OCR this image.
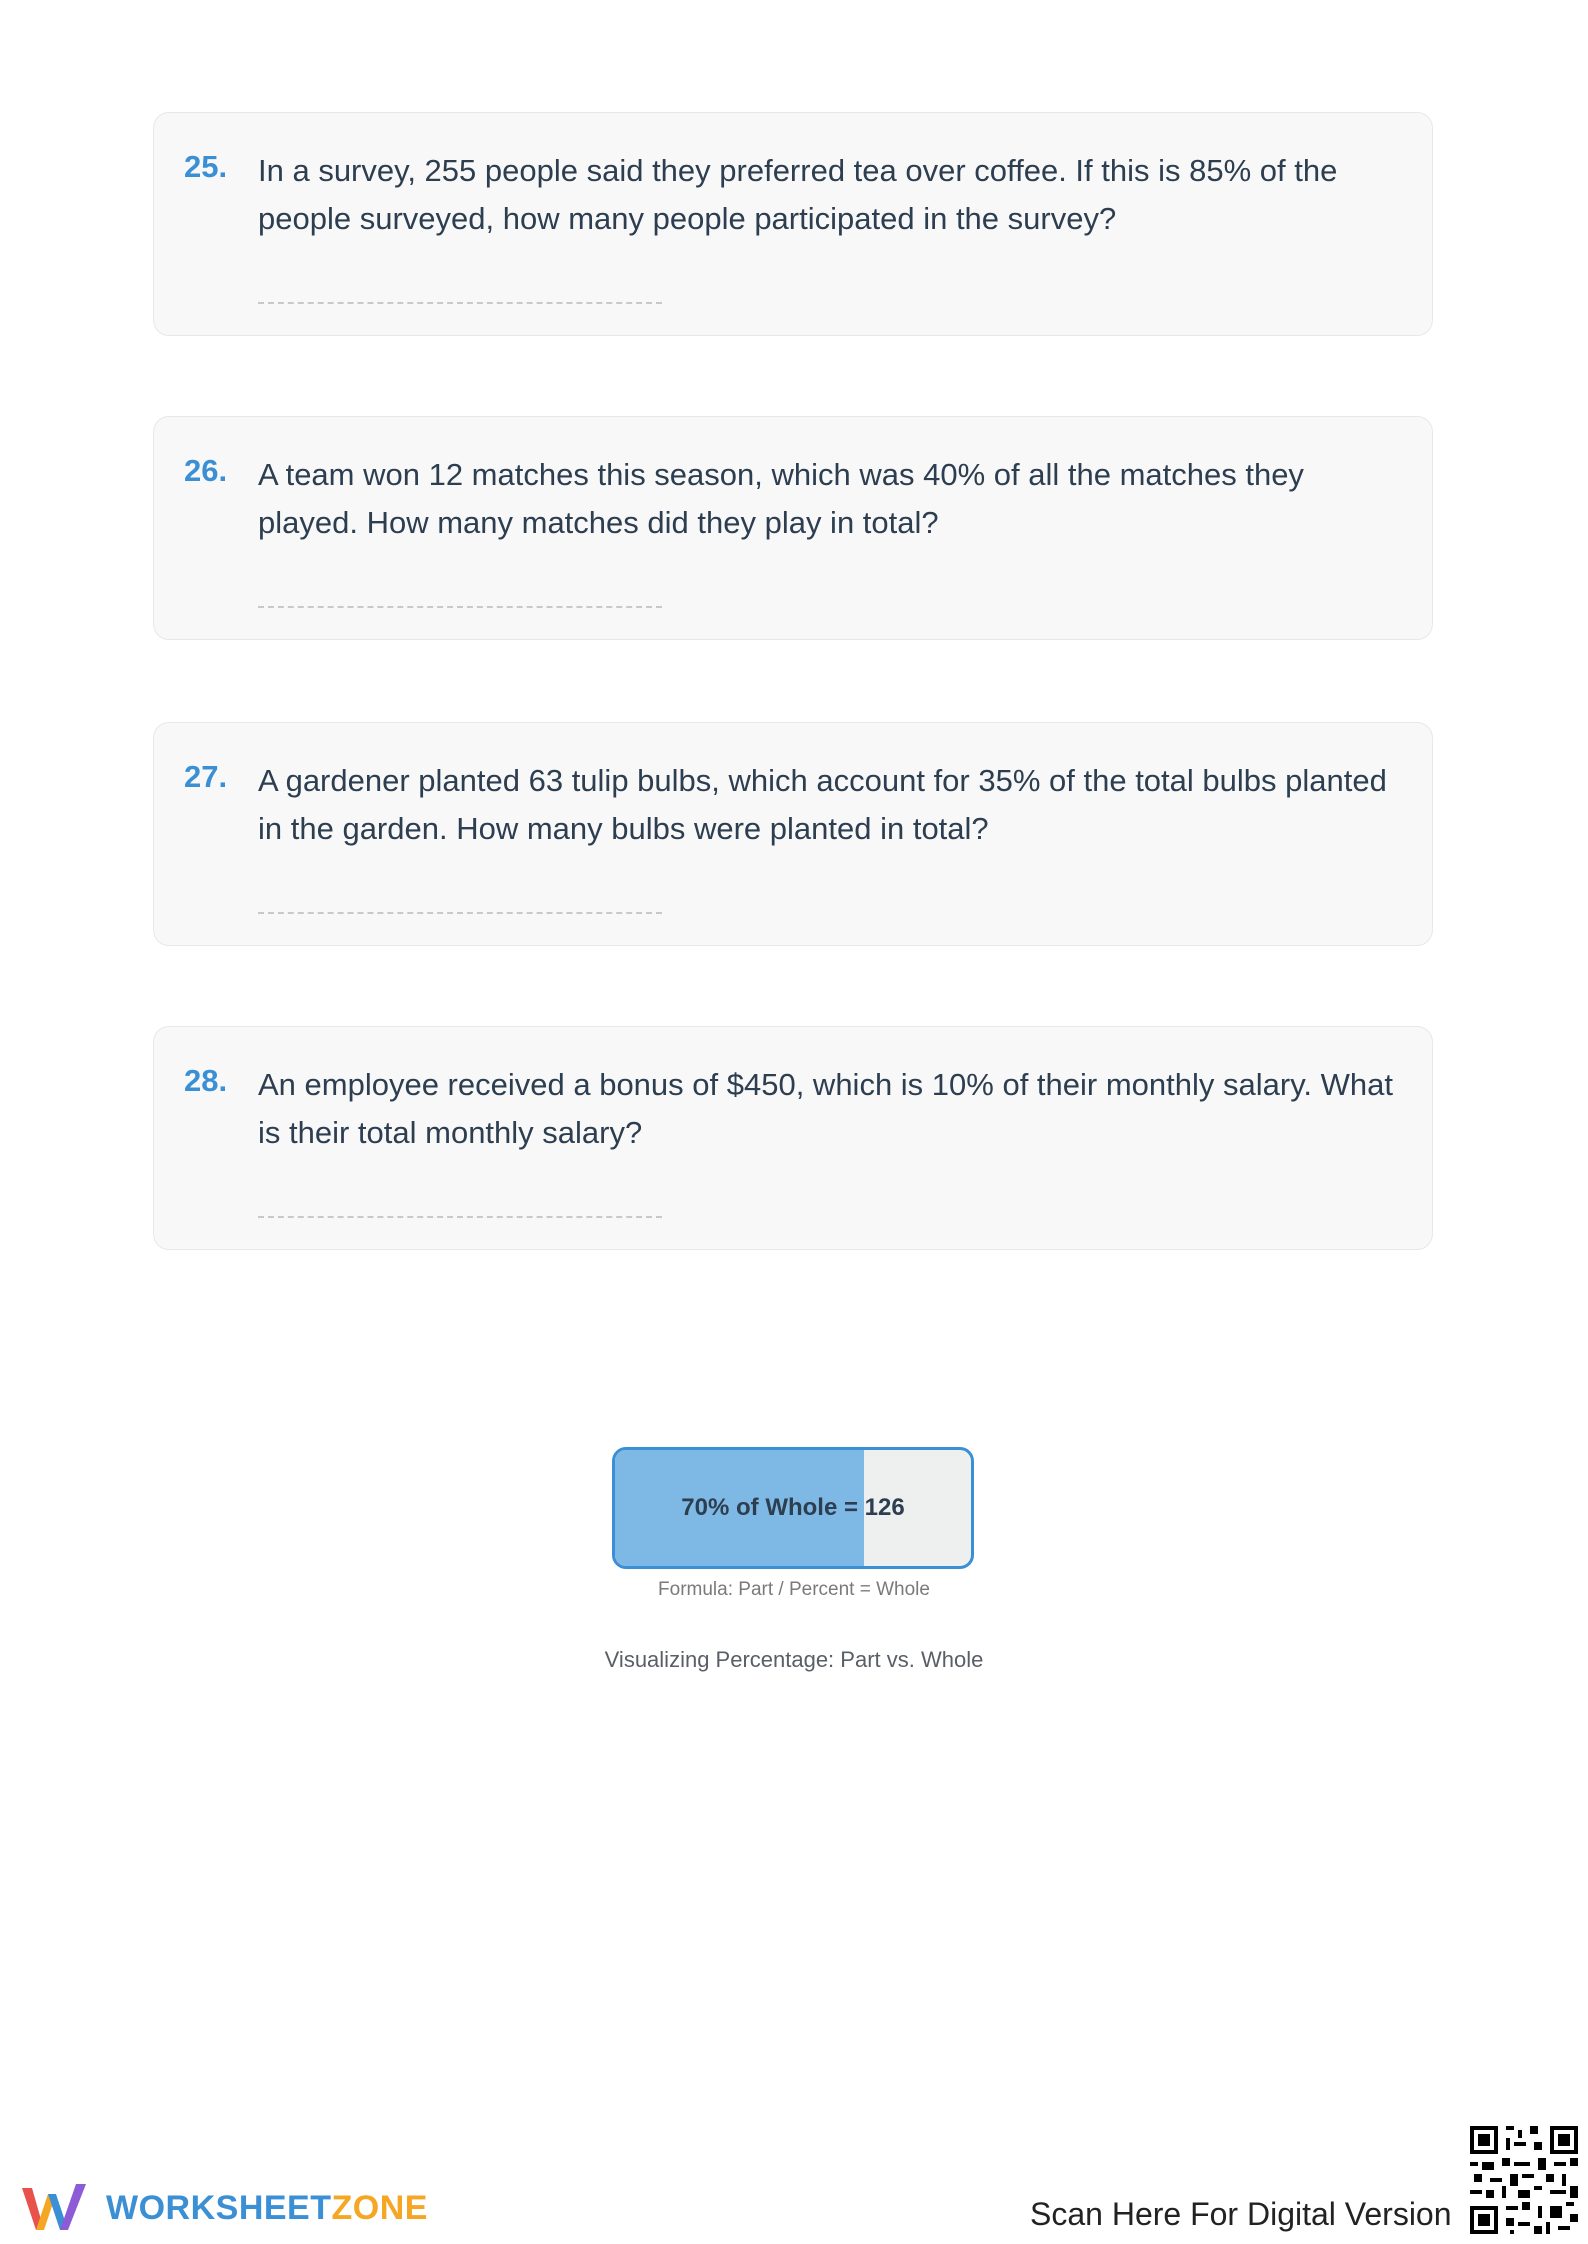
25. In a survey, 255 people said they preferred tea over coffee. If this is 85% of the people surveyed, how many people participated in the survey?
26. A team won 12 matches this season, which was 40% of all the matches they played. How many matches did they play in total?
27. A gardener planted 63 tulip bulbs, which account for 35% of the total bulbs planted in the garden. How many bulbs were planted in total?
28. An employee received a bonus of $450, which is 10% of their monthly salary. What is their total monthly salary?
70% of Whole = 126
Formula: Part / Percent = Whole
Visualizing Percentage: Part vs. Whole
WORKSHEETZONE	Scan Here For Digital Version
